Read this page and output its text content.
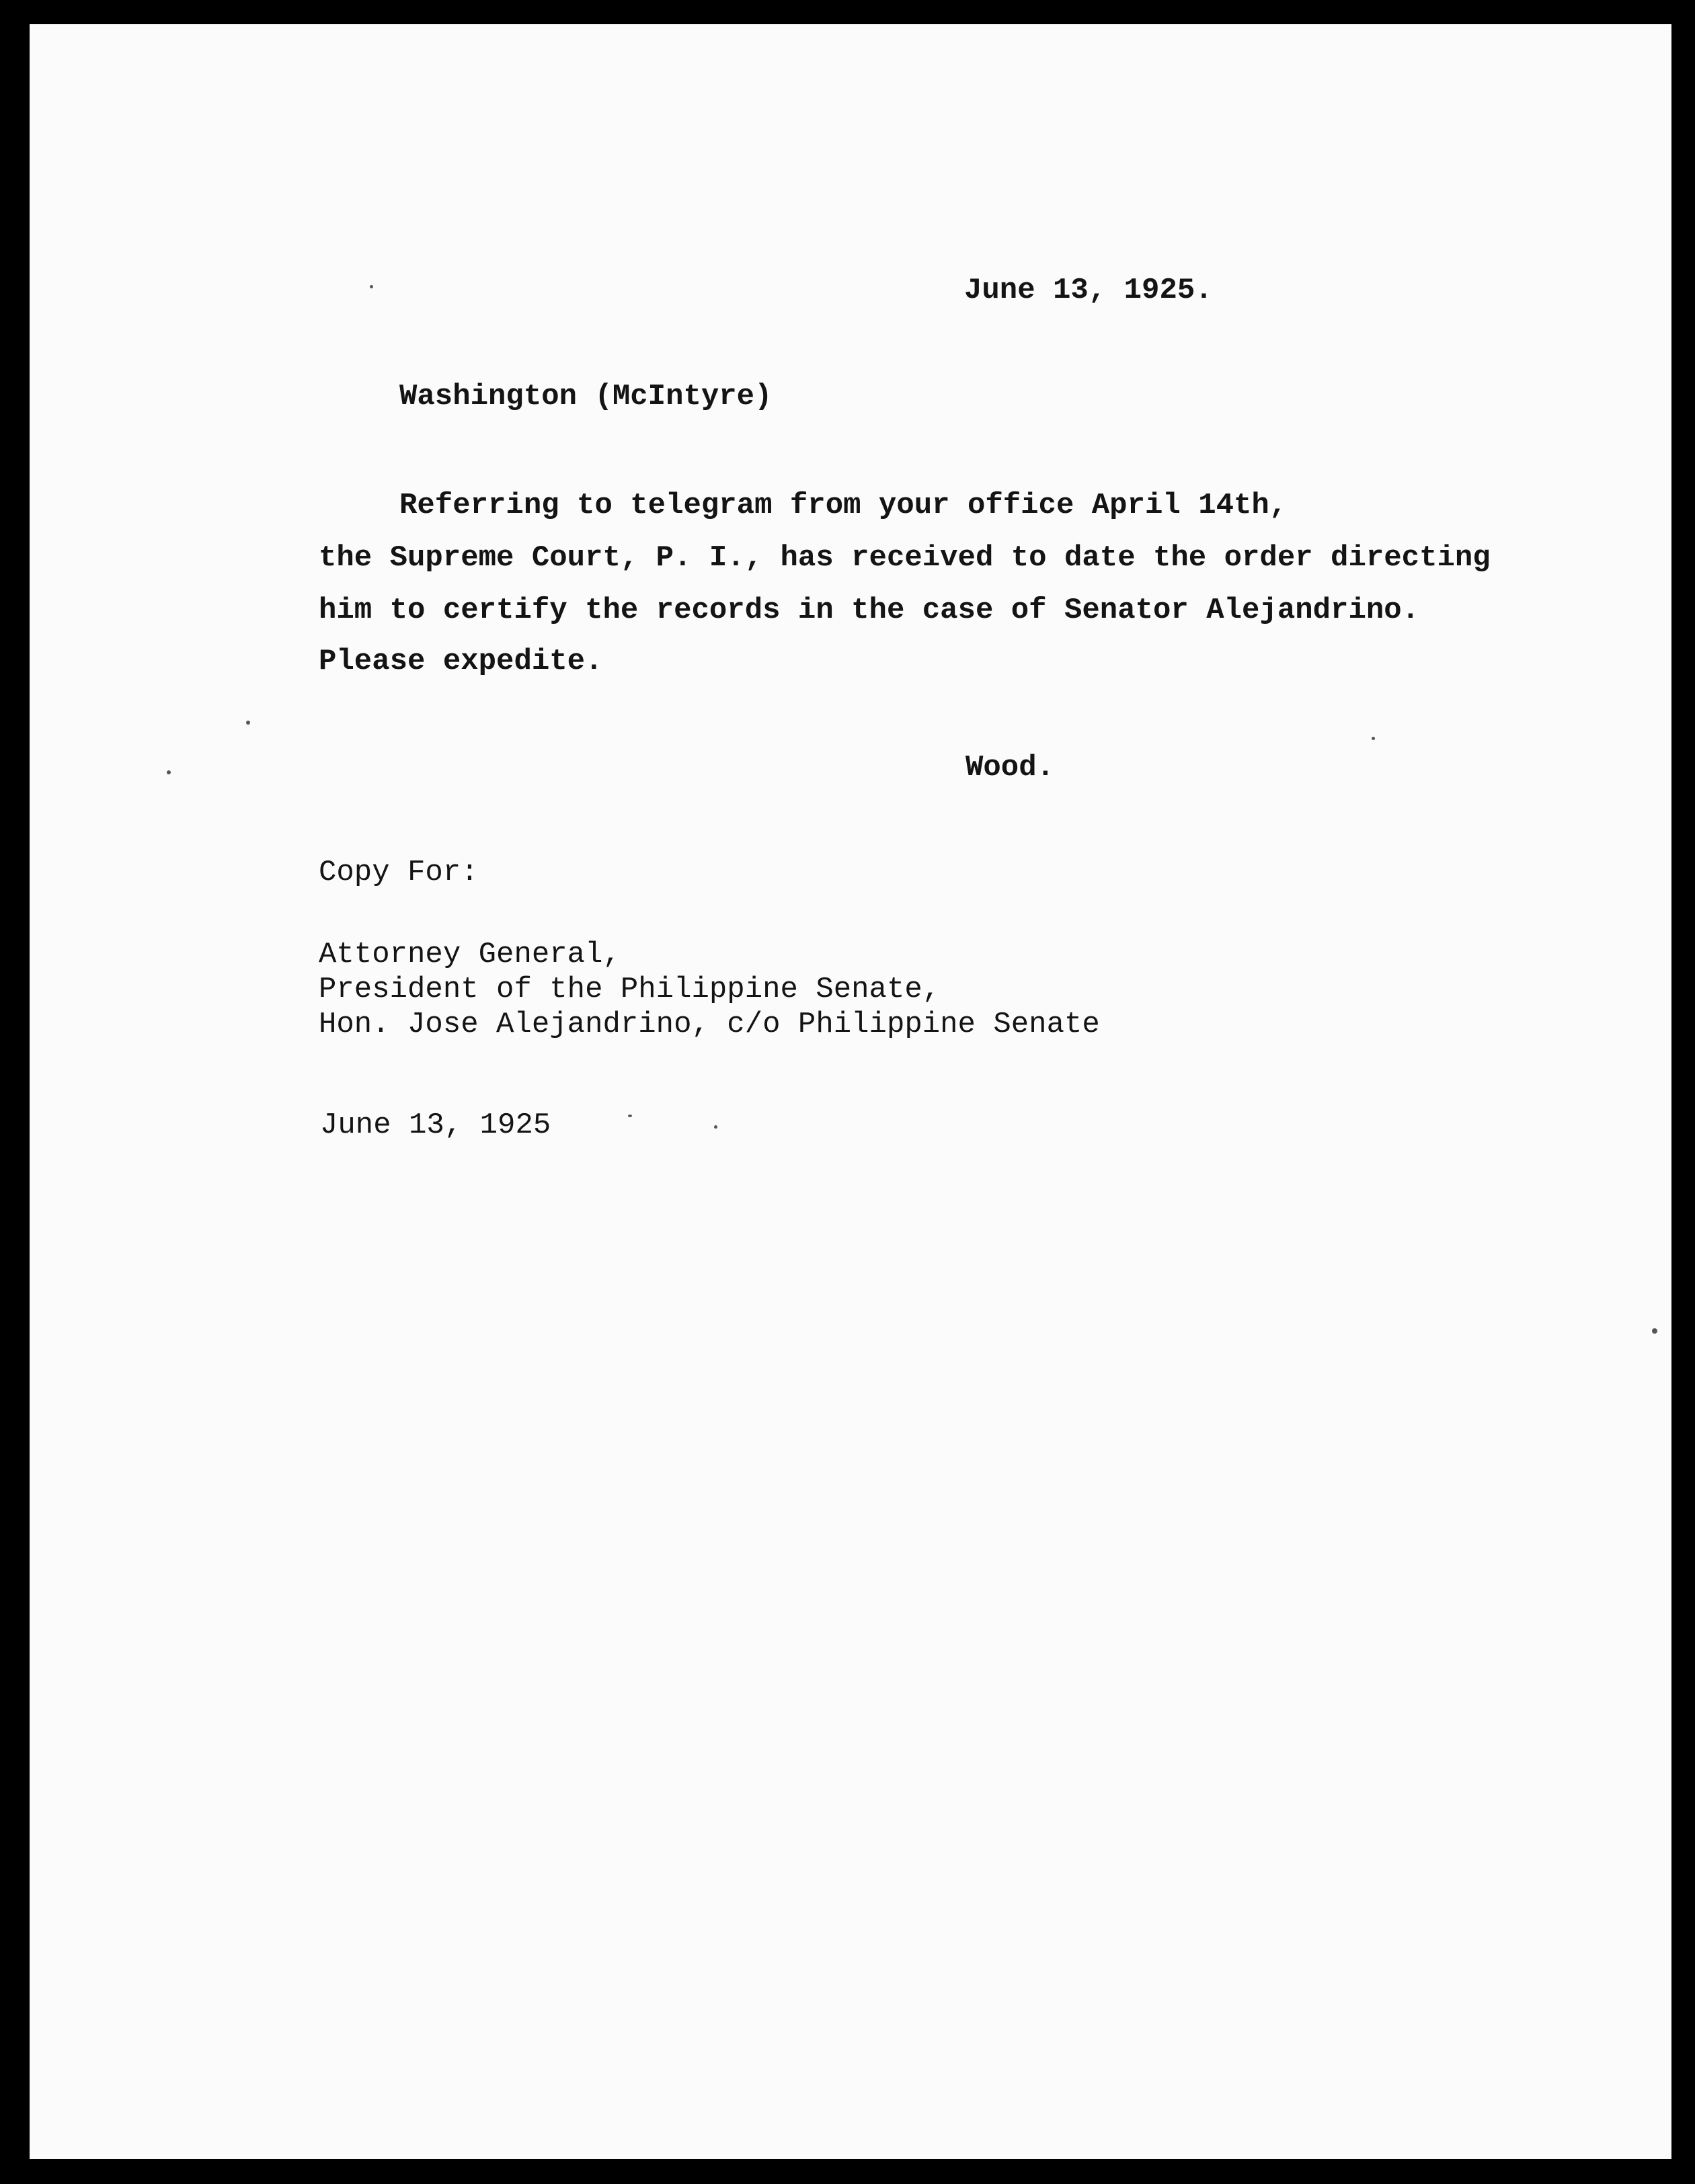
June 13, 1925.

Washington (McIntyre)

Referring to telegram from your office April 14th,

the Supreme Court, P. I., has received to date the order directing

him to certify the records in the case of Senator Alejandrino.

Please expedite.

Wood.

Copy For:

Attorney General,

President of the Philippine Senate,

Hon. Jose Alejandrino, c/o Philippine Senate

June 13, 1925
